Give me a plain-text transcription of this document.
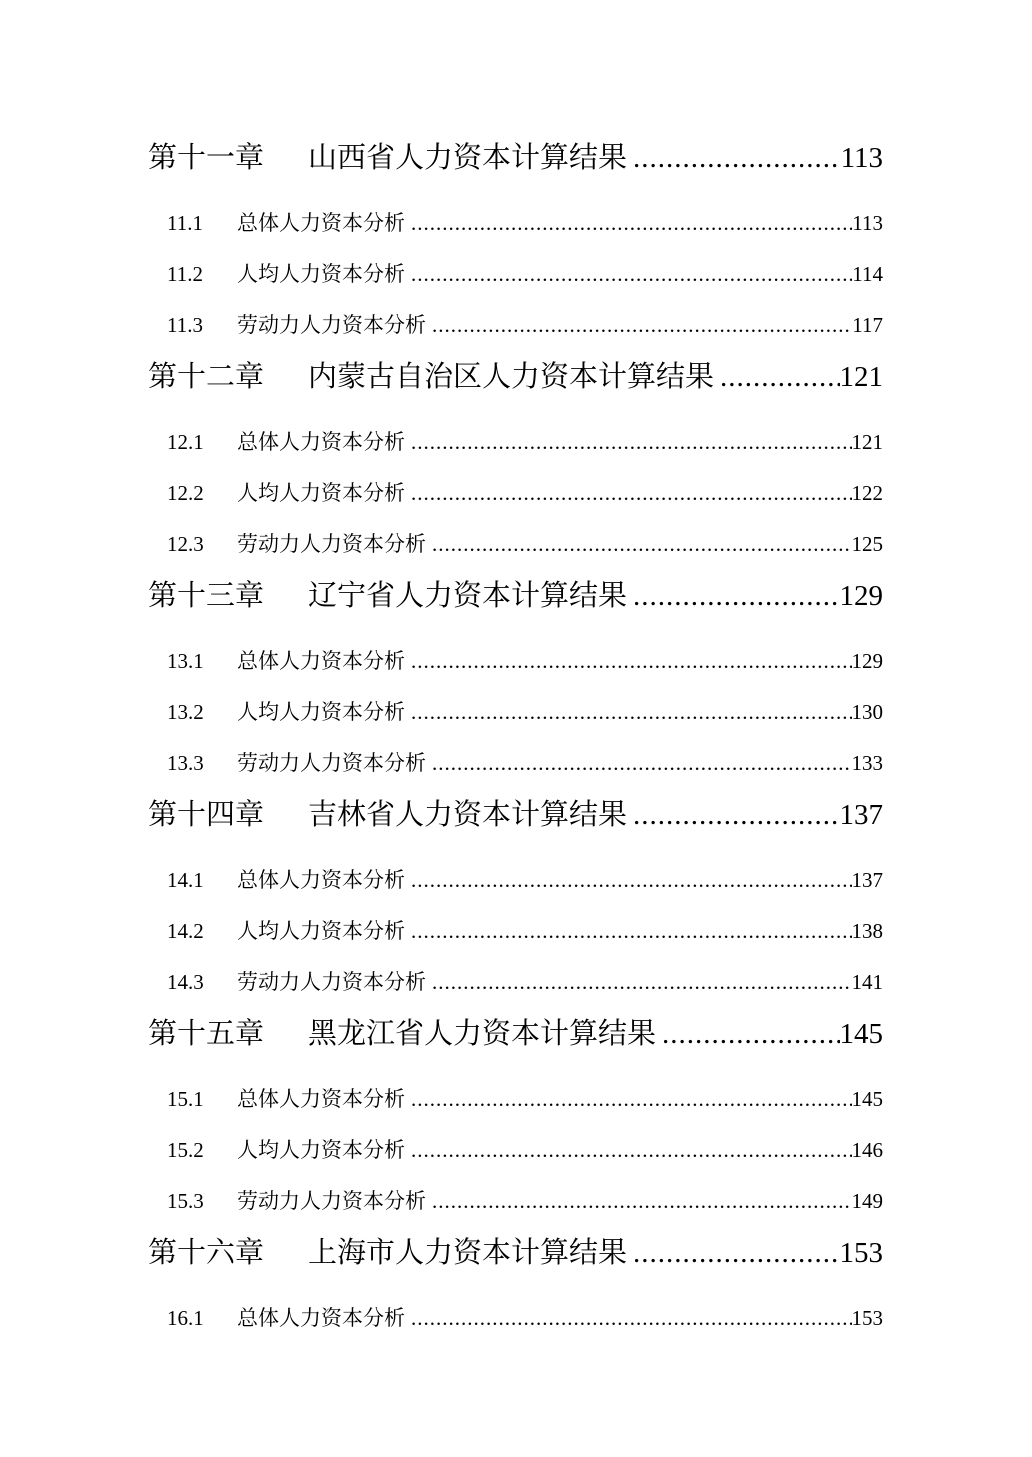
第十一章	山西省人力资本计算结果 .....	113
11.1	总体人力资本分析 .....	113
11.2	人均人力资本分析 .....	114
11.3	劳动力人力资本分析 .....	117
第十二章	内蒙古自治区人力资本计算结果 .....	121
12.1	总体人力资本分析 .....	121
12.2	人均人力资本分析 .....	122
12.3	劳动力人力资本分析 .....	125
第十三章	辽宁省人力资本计算结果 .....	129
13.1	总体人力资本分析 .....	129
13.2	人均人力资本分析 .....	130
13.3	劳动力人力资本分析 .....	133
第十四章	吉林省人力资本计算结果 .....	137
14.1	总体人力资本分析 .....	137
14.2	人均人力资本分析 .....	138
14.3	劳动力人力资本分析 .....	141
第十五章	黑龙江省人力资本计算结果 .....	145
15.1	总体人力资本分析 .....	145
15.2	人均人力资本分析 .....	146
15.3	劳动力人力资本分析 .....	149
第十六章	上海市人力资本计算结果 .....	153
16.1	总体人力资本分析 .....	153
